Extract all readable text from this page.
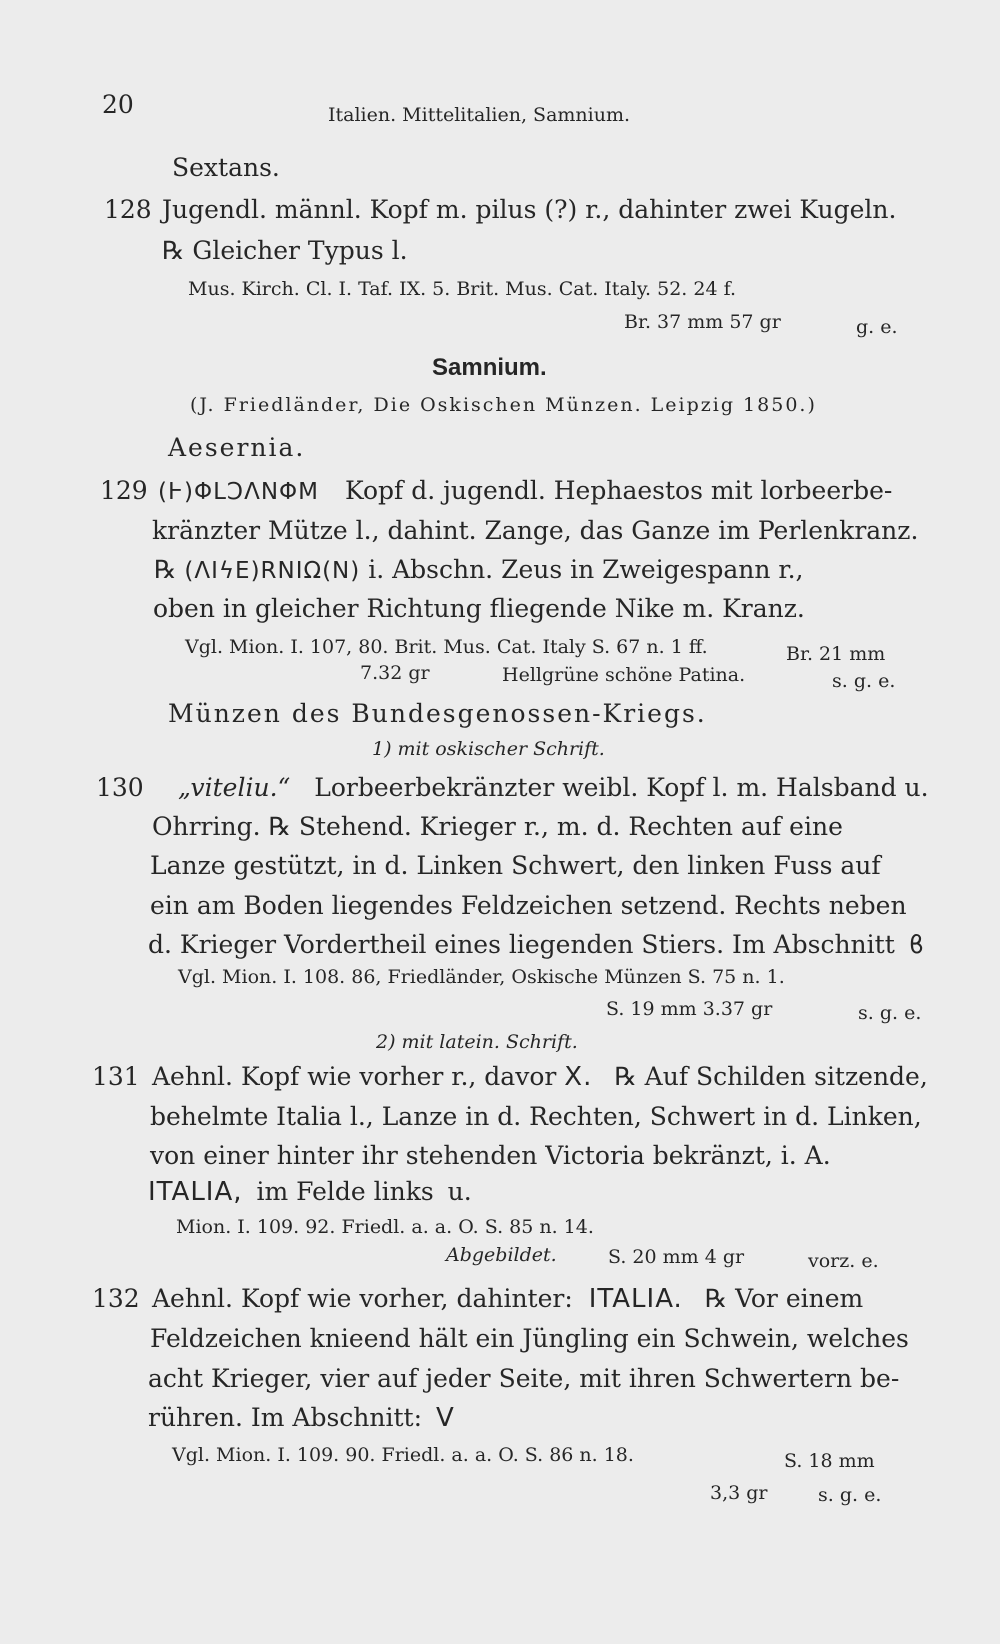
20	Italien. Mittelitalien, Samnium.
Sextans.
128 Jugendl. männl. Kopf m. pilus (?) r., dahinter zwei Kugeln.
℞ Gleicher Typus l.
Mus. Kirch. Cl. I. Taf. IX. 5. Brit. Mus. Cat. Italy. 52. 24 f.
Br. 37 mm 57 gr	g. e.
Samnium.
(J. Friedländer, Die Oskischen Münzen. Leipzig 1850.)
Aesernia.
129 (Ⱶ)ΦLϽΛNΦM Kopf d. jugendl. Hephaestos mit lorbeerbe-
kränzter Mütze l., dahint. Zange, das Ganze im Perlenkranz.
℞ (ΛIϟE)RNIΩ(N) i. Abschn. Zeus in Zweigespann r.,
oben in gleicher Richtung fliegende Nike m. Kranz.
Vgl. Mion. I. 107, 80. Brit. Mus. Cat. Italy S. 67 n. 1 ff.	Br. 21 mm
7.32 gr	Hellgrüne schöne Patina.	s. g. e.
Münzen des Bundesgenossen-Kriegs.
1) mit oskischer Schrift.
130 „viteliu.“ Lorbeerbekränzter weibl. Kopf l. m. Halsband u.
Ohrring. ℞ Stehend. Krieger r., m. d. Rechten auf eine
Lanze gestützt, in d. Linken Schwert, den linken Fuss auf
ein am Boden liegendes Feldzeichen setzend. Rechts neben
d. Krieger Vordertheil eines liegenden Stiers. Im Abschnitt ϐ
Vgl. Mion. I. 108. 86, Friedländer, Oskische Münzen S. 75 n. 1.
S. 19 mm 3.37 gr	s. g. e.
2) mit latein. Schrift.
131 Aehnl. Kopf wie vorher r., davor X. ℞ Auf Schilden sitzende,
behelmte Italia l., Lanze in d. Rechten, Schwert in d. Linken,
von einer hinter ihr stehenden Victoria bekränzt, i. A.
ITALIA, im Felde links ս.
Mion. I. 109. 92. Friedl. a. a. O. S. 85 n. 14.
Abgebildet.	S. 20 mm 4 gr	vorz. e.
132 Aehnl. Kopf wie vorher, dahinter: ITALIA. ℞ Vor einem
Feldzeichen knieend hält ein Jüngling ein Schwein, welches
acht Krieger, vier auf jeder Seite, mit ihren Schwertern be-
rühren. Im Abschnitt: V
Vgl. Mion. I. 109. 90. Friedl. a. a. O. S. 86 n. 18.	S. 18 mm
3,3 gr	s. g. e.
